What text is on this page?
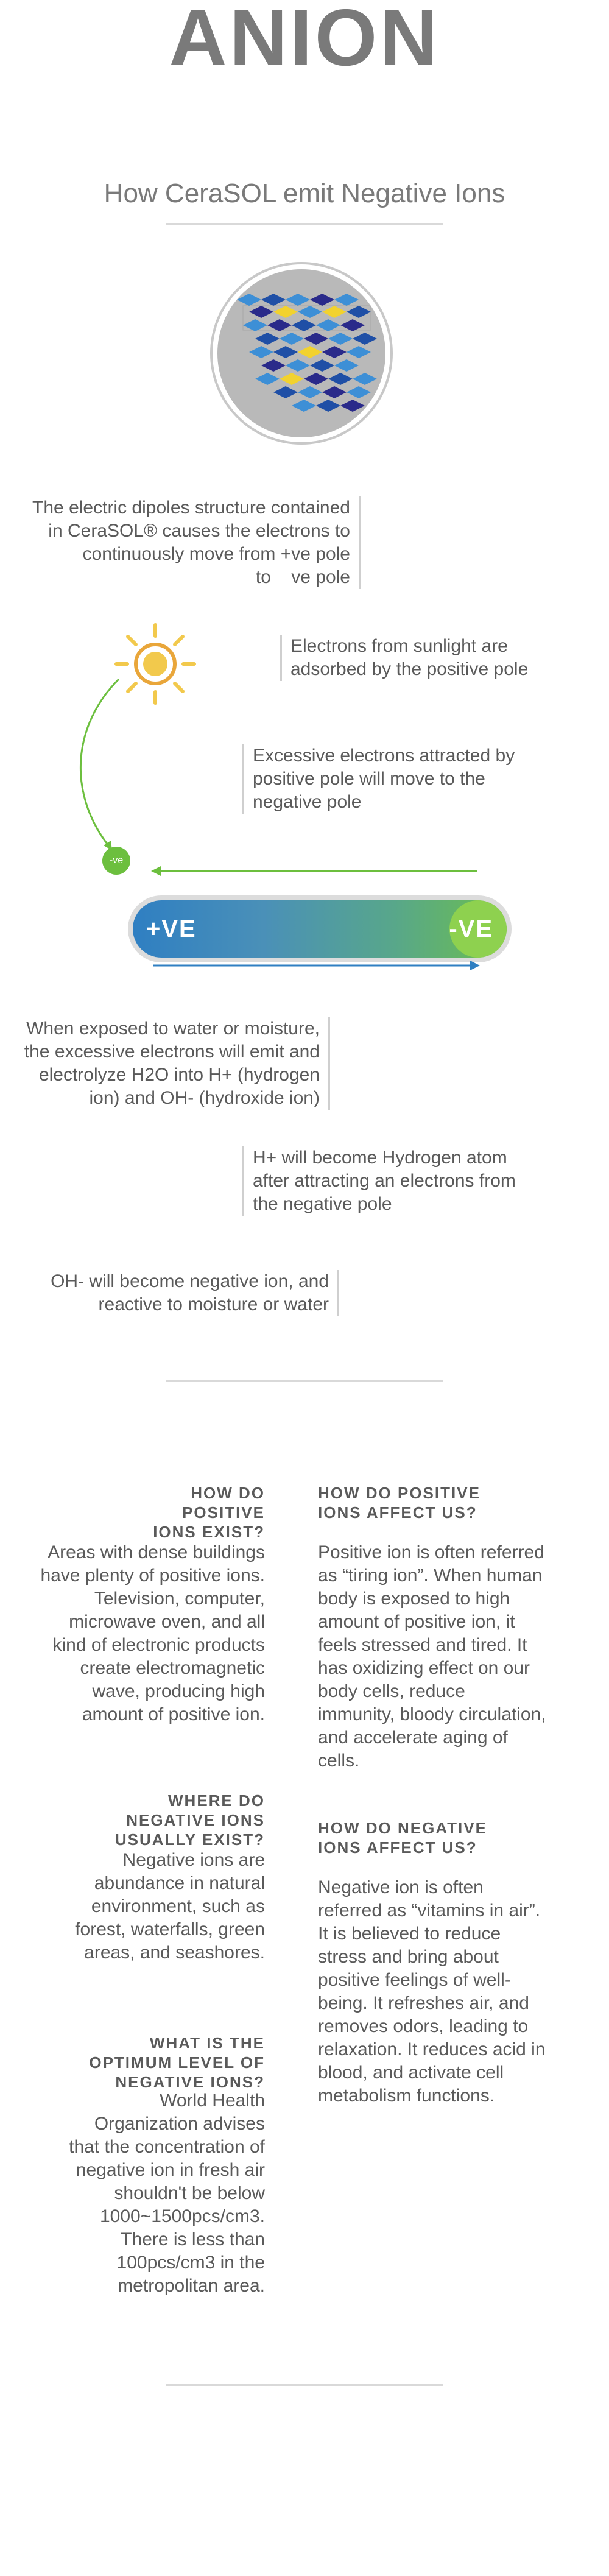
ANION
How CeraSOL emit Negative Ions
The electric dipoles structure contained in CeraSOL® causes the electrons to continuously move from +ve pole to    ve pole
Electrons from sunlight are adsorbed by the positive pole
Excessive electrons attracted by positive pole will move to the negative pole
-ve
+VE	-VE
When exposed to water or moisture, the excessive electrons will emit and electrolyze H2O into H+ (hydrogen ion) and OH- (hydroxide ion)
H+ will become Hydrogen atom after attracting an electrons from the negative pole
OH- will become negative ion, and reactive to moisture or water
HOW DO POSITIVE IONS EXIST?
Areas with dense buildings have plenty of positive ions. Television, computer, microwave oven, and all kind of electronic products create electromagnetic wave, producing high amount of positive ion.
WHERE DO NEGATIVE IONS USUALLY EXIST?
Negative ions are abundance in natural environment, such as forest, waterfalls, green areas, and seashores.
WHAT IS THE OPTIMUM LEVEL OF NEGATIVE IONS?
World Health Organization advises that the concentration of negative ion in fresh air shouldn't be below 1000~1500pcs/cm3. There is less than 100pcs/cm3 in the metropolitan area.
HOW DO POSITIVE IONS AFFECT US?
Positive ion is often referred as “tiring ion”. When human body is exposed to high amount of positive ion, it feels stressed and tired. It has oxidizing effect on our body cells, reduce immunity, bloody circulation, and accelerate aging of cells.
HOW DO NEGATIVE IONS AFFECT US?
Negative ion is often referred as “vitamins in air”. It is believed to reduce stress and bring about positive feelings of well-being. It refreshes air, and removes odors, leading to relaxation. It reduces acid in blood, and activate cell metabolism functions.
